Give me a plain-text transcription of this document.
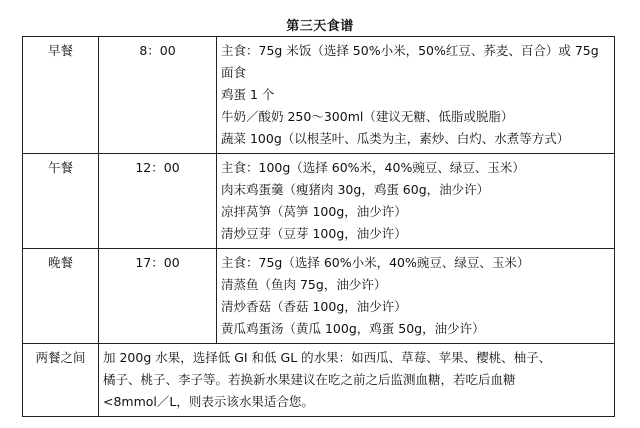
第三天食谱
早餐	8：00	主食：75g 米饭（选择 50%小米，50%红豆、荞麦、百合）或 75g
面食
鸡蛋 1 个
牛奶／酸奶 250～300ml（建议无糖、低脂或脱脂）
蔬菜 100g（以根茎叶、瓜类为主，素炒、白灼、水煮等方式）

午餐	12：00	主食：100g（选择 60%米，40%豌豆、绿豆、玉米）
肉末鸡蛋羹（瘦猪肉 30g，鸡蛋 60g，油少许）
凉拌莴笋（莴笋 100g，油少许）
清炒豆芽（豆芽 100g，油少许）

晚餐	17：00	主食：75g（选择 60%小米，40%豌豆、绿豆、玉米）
清蒸鱼（鱼肉 75g，油少许）
清炒香菇（香菇 100g，油少许）
黄瓜鸡蛋汤（黄瓜 100g，鸡蛋 50g，油少许）

两餐之间	加 200g 水果，选择低 GI 和低 GL 的水果：如西瓜、草莓、苹果、樱桃、柚子、
橘子、桃子、李子等。若换新水果建议在吃之前之后监测血糖，若吃后血糖
<8mmol／L，则表示该水果适合您。	
